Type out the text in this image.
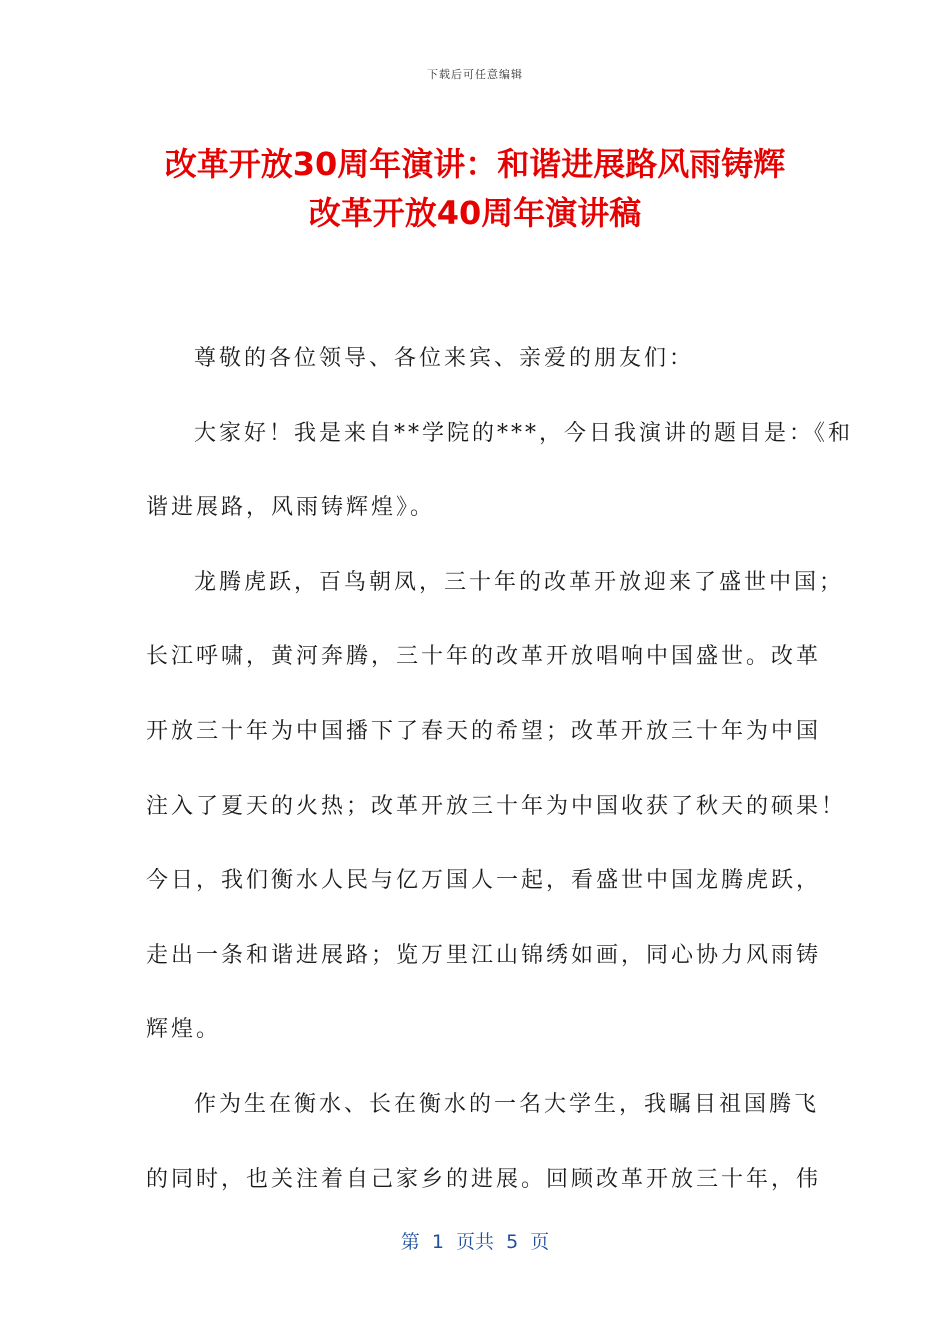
下载后可任意编辑
改革开放30周年演讲：和谐进展路风雨铸辉
改革开放40周年演讲稿
尊敬的各位领导、各位来宾、亲爱的朋友们：
大家好！我是来自**学院的***，今日我演讲的题目是：《和
谐进展路，风雨铸辉煌》。
龙腾虎跃，百鸟朝凤，三十年的改革开放迎来了盛世中国；
长江呼啸，黄河奔腾，三十年的改革开放唱响中国盛世。改革
开放三十年为中国播下了春天的希望；改革开放三十年为中国
注入了夏天的火热；改革开放三十年为中国收获了秋天的硕果！
今日，我们衡水人民与亿万国人一起，看盛世中国龙腾虎跃，
走出一条和谐进展路；览万里江山锦绣如画，同心协力风雨铸
辉煌。
作为生在衡水、长在衡水的一名大学生，我瞩目祖国腾飞
的同时，也关注着自己家乡的进展。回顾改革开放三十年，伟
第  1  页共  5  页
